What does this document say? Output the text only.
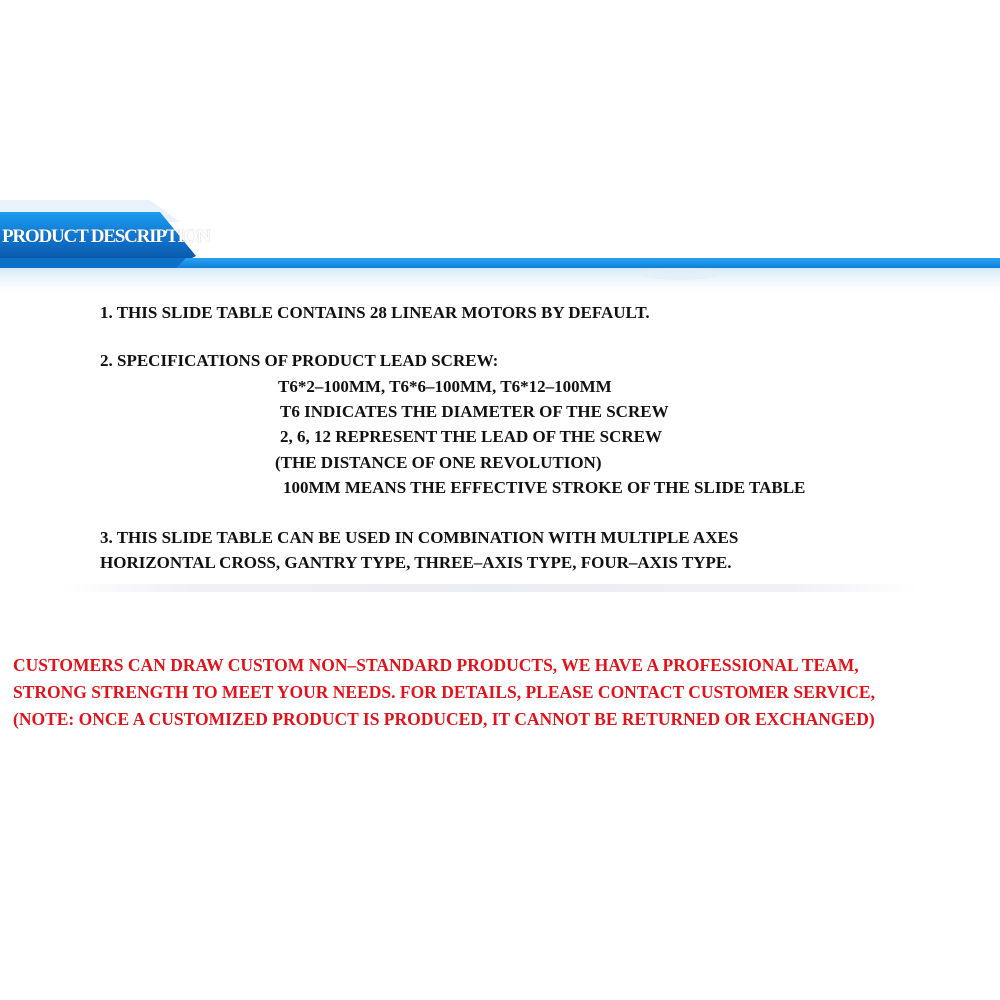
PRODUCT DESCRIPTION
1. THIS SLIDE TABLE CONTAINS 28 LINEAR MOTORS BY DEFAULT.
2. SPECIFICATIONS OF PRODUCT LEAD SCREW:
T6*2–100MM, T6*6–100MM, T6*12–100MM
T6 INDICATES THE DIAMETER OF THE SCREW
2, 6, 12 REPRESENT THE LEAD OF THE SCREW
(THE DISTANCE OF ONE REVOLUTION)
100MM MEANS THE EFFECTIVE STROKE OF THE SLIDE TABLE
3. THIS SLIDE TABLE CAN BE USED IN COMBINATION WITH MULTIPLE AXES
HORIZONTAL CROSS, GANTRY TYPE, THREE–AXIS TYPE, FOUR–AXIS TYPE.
CUSTOMERS CAN DRAW CUSTOM NON–STANDARD PRODUCTS, WE HAVE A PROFESSIONAL TEAM,
STRONG STRENGTH TO MEET YOUR NEEDS. FOR DETAILS, PLEASE CONTACT CUSTOMER SERVICE,
(NOTE: ONCE A CUSTOMIZED PRODUCT IS PRODUCED, IT CANNOT BE RETURNED OR EXCHANGED)
